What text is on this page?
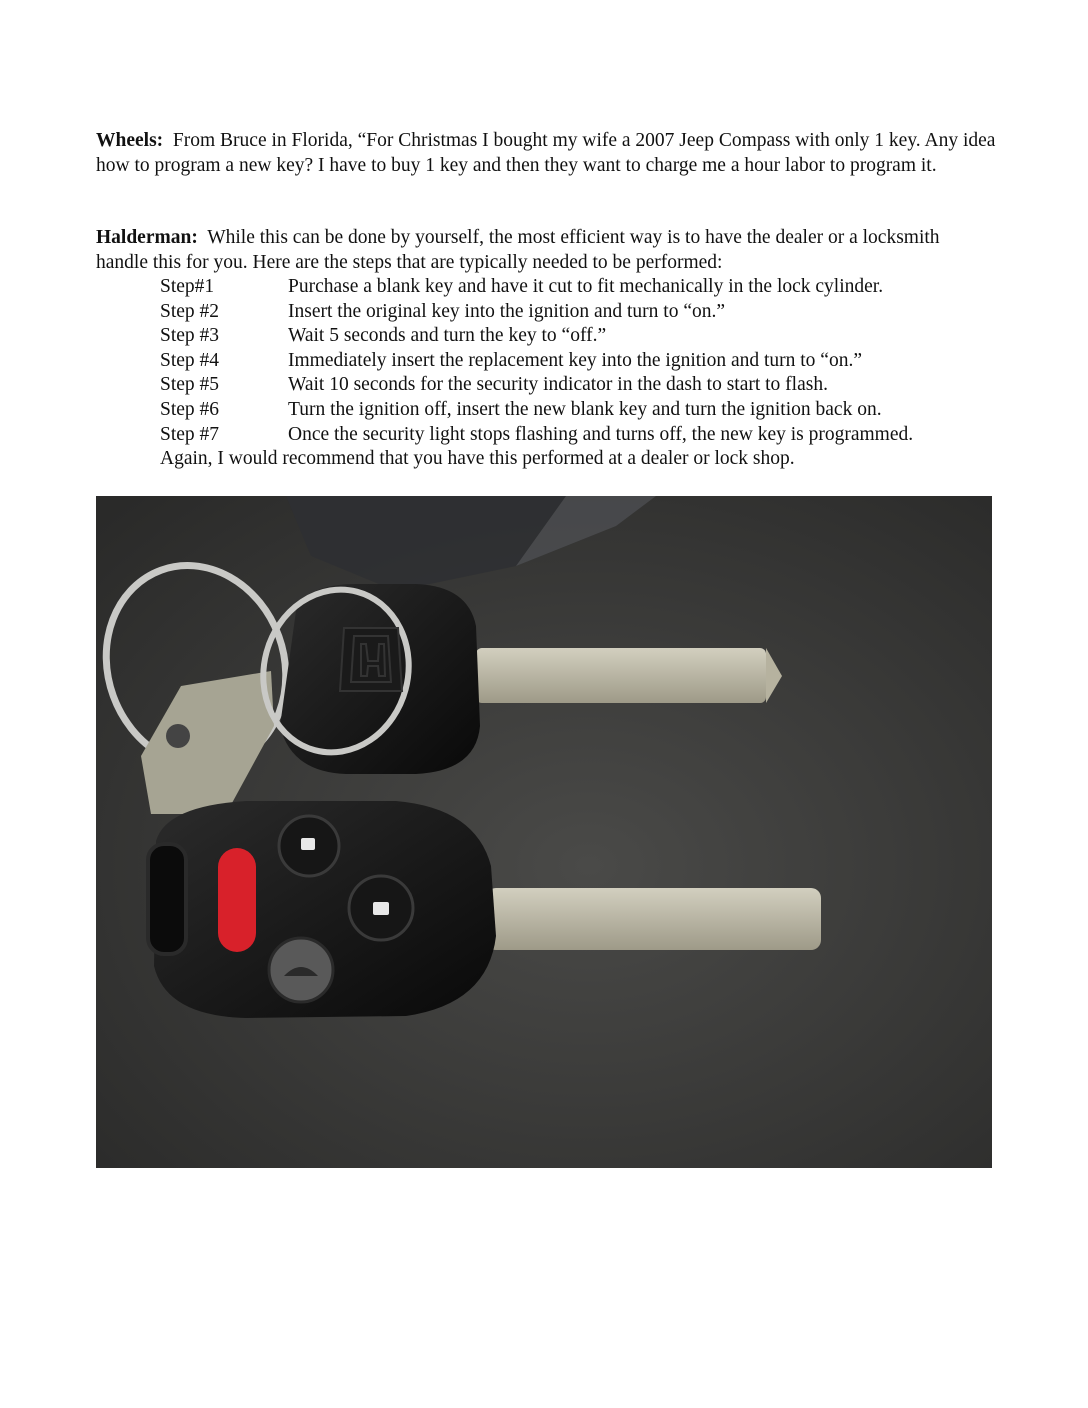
Wheels: From Bruce in Florida, “For Christmas I bought my wife a 2007 Jeep Compass with only 1 key. Any idea how to program a new key? I have to buy 1 key and then they want to charge me a hour labor to program it.
Halderman: While this can be done by yourself, the most efficient way is to have the dealer or a locksmith handle this for you. Here are the steps that are typically needed to be performed:
Step#1	Purchase a blank key and have it cut to fit mechanically in the lock cylinder.
Step #2	Insert the original key into the ignition and turn to “on.”
Step #3	Wait 5 seconds and turn the key to “off.”
Step #4	Immediately insert the replacement key into the ignition and turn to “on.”
Step #5	Wait 10 seconds for the security indicator in the dash to start to flash.
Step #6	Turn the ignition off, insert the new blank key and turn the ignition back on.
Step #7	Once the security light stops flashing and turns off, the new key is programmed.
Again, I would recommend that you have this performed at a dealer or lock shop.
